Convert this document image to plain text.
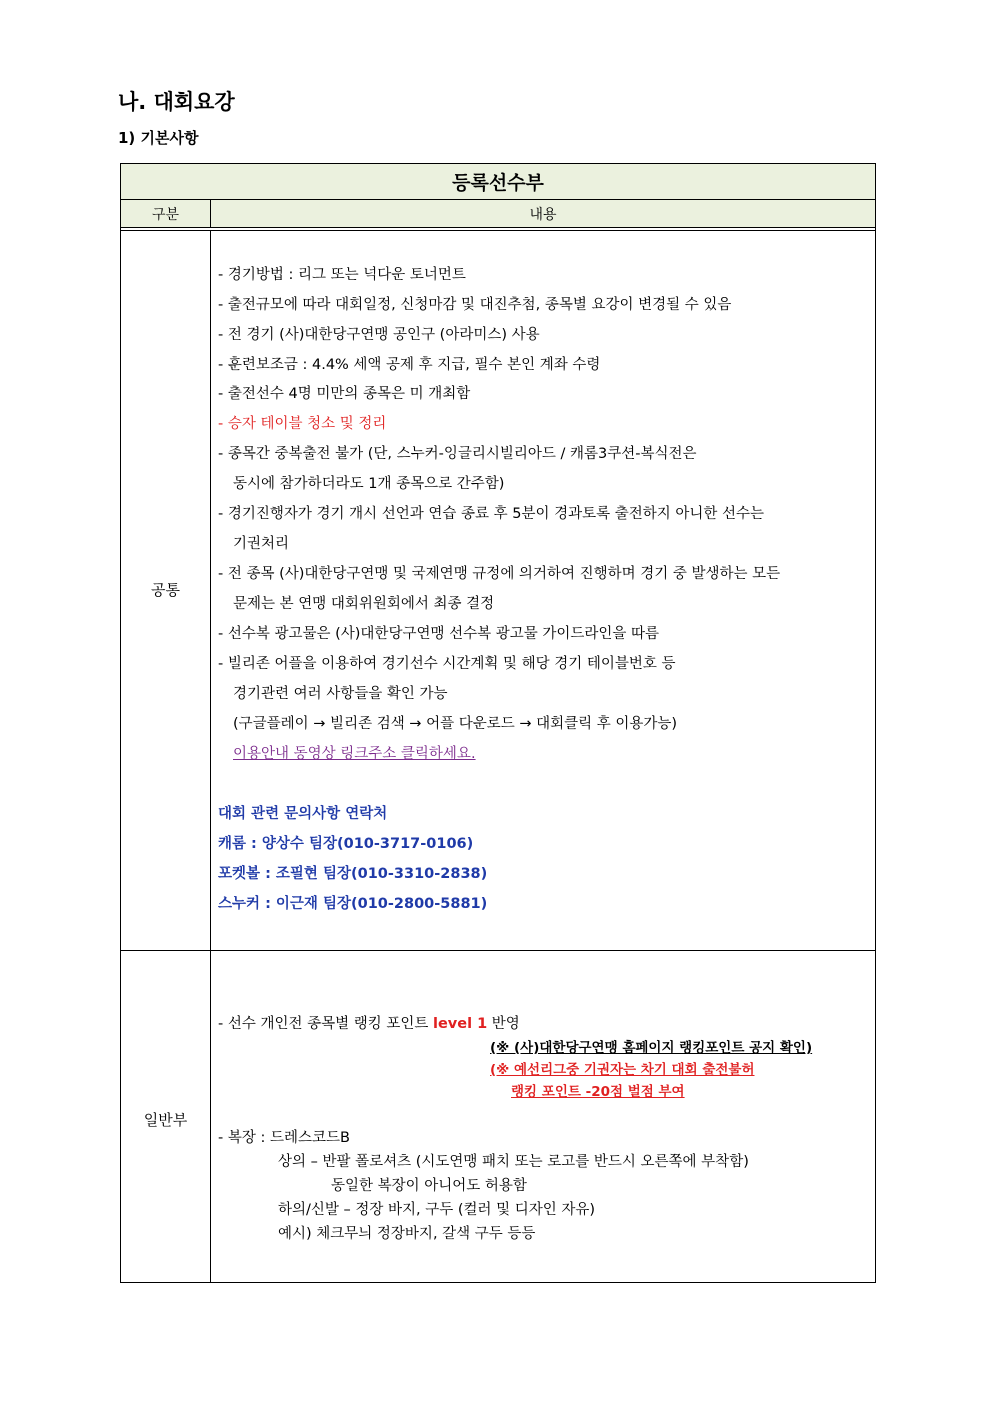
나. 대회요강
1) 기본사항
등록선수부
구분	내용
공통
일반부
- 경기방법 : 리그 또는 넉다운 토너먼트
- 출전규모에 따라 대회일정, 신청마감 및 대진추첨, 종목별 요강이 변경될 수 있음
- 전 경기 (사)대한당구연맹 공인구 (아라미스) 사용
- 훈련보조금 : 4.4% 세액 공제 후 지급, 필수 본인 계좌 수령
- 출전선수 4명 미만의 종목은 미 개최함
- 승자 테이블 청소 및 정리
- 종목간 중복출전 불가 (단, 스누커-잉글리시빌리아드 / 캐롬3쿠션-복식전은
동시에 참가하더라도 1개 종목으로 간주함)
- 경기진행자가 경기 개시 선언과 연습 종료 후 5분이 경과토록 출전하지 아니한 선수는
기권처리
- 전 종목 (사)대한당구연맹 및 국제연맹 규정에 의거하여 진행하며 경기 중 발생하는 모든
문제는 본 연맹 대회위원회에서 최종 결정
- 선수복 광고물은 (사)대한당구연맹 선수복 광고물 가이드라인을 따름
- 빌리존 어플을 이용하여 경기선수 시간계획 및 해당 경기 테이블번호 등
경기관련 여러 사항들을 확인 가능
(구글플레이 → 빌리존 검색 → 어플 다운로드 → 대회클릭 후 이용가능)
이용안내 동영상 링크주소 클릭하세요.
대회 관련 문의사항 연락처
캐롬 : 양상수 팀장(010-3717-0106)
포켓볼 : 조필현 팀장(010-3310-2838)
스누커 : 이근재 팀장(010-2800-5881)
- 선수 개인전 종목별 랭킹 포인트 level 1 반영
(※ (사)대한당구연맹 홈페이지 랭킹포인트 공지 확인)
(※ 예선리그중 기권자는 차기 대회 출전불허
랭킹 포인트 -20점 벌점 부여
- 복장 : 드레스코드B
상의 – 반팔 폴로셔츠 (시도연맹 패치 또는 로고를 반드시 오른쪽에 부착함)
동일한 복장이 아니어도 허용함
하의/신발 – 정장 바지, 구두 (컬러 및 디자인 자유)
예시) 체크무늬 정장바지, 갈색 구두 등등
